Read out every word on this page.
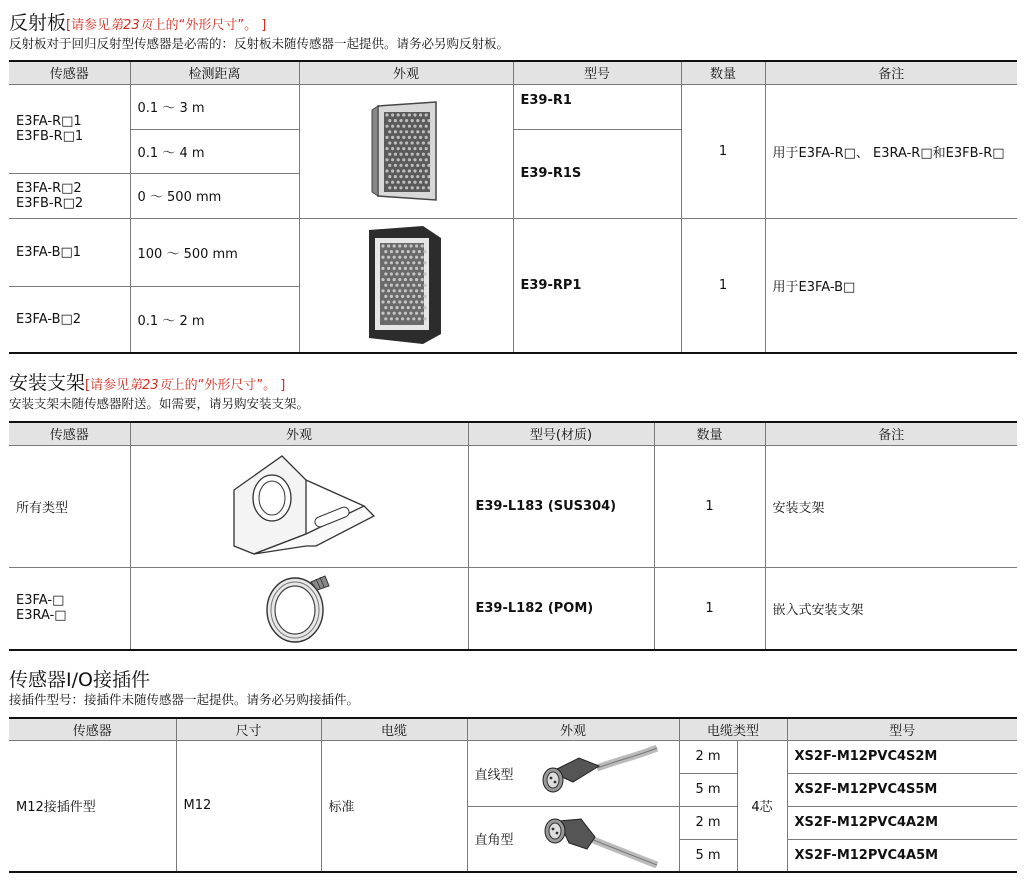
反射板[请参见第23页上的“外形尺寸”。 ]
反射板对于回归反射型传感器是必需的：反射板未随传感器一起提供。请务必另购反射板。
传感器	检测距离	外观	型号	数量	备注

E3FA-R□1
E3FB-R□1	0.1 ～ 3 m		E39-R1	1	用于E3FA-R□、 E3RA-R□和E3FB-R□
	0.1 ～ 4 m		E39-R1S		

E3FA-R□2
E3FB-R□2	0 ～ 500 mm				
E3FA-B□1	100 ～ 500 mm		E39-RP1	1	用于E3FA-B□
E3FA-B□2	0.1 ～ 2 m				
安装支架[请参见第23页上的“外形尺寸”。 ]
安装支架未随传感器附送。如需要，请另购安装支架。
传感器	外观	型号(材质)	数量	备注
所有类型		E39-L183 (SUS304)	1	安装支架

E3FA-□
E3RA-□		E39-L182 (POM)	1	嵌入式安装支架
传感器I/O接插件
接插件型号：接插件未随传感器一起提供。请务必另购接插件。
传感器	尺寸	电缆	外观	电缆类型		型号
M12接插件型	M12	标准	直线型	2 m	4芯	XS2F-M12PVC4S2M
				5 m		XS2F-M12PVC4S5M

			直角型	2 m		XS2F-M12PVC4A2M
				5 m		XS2F-M12PVC4A5M
